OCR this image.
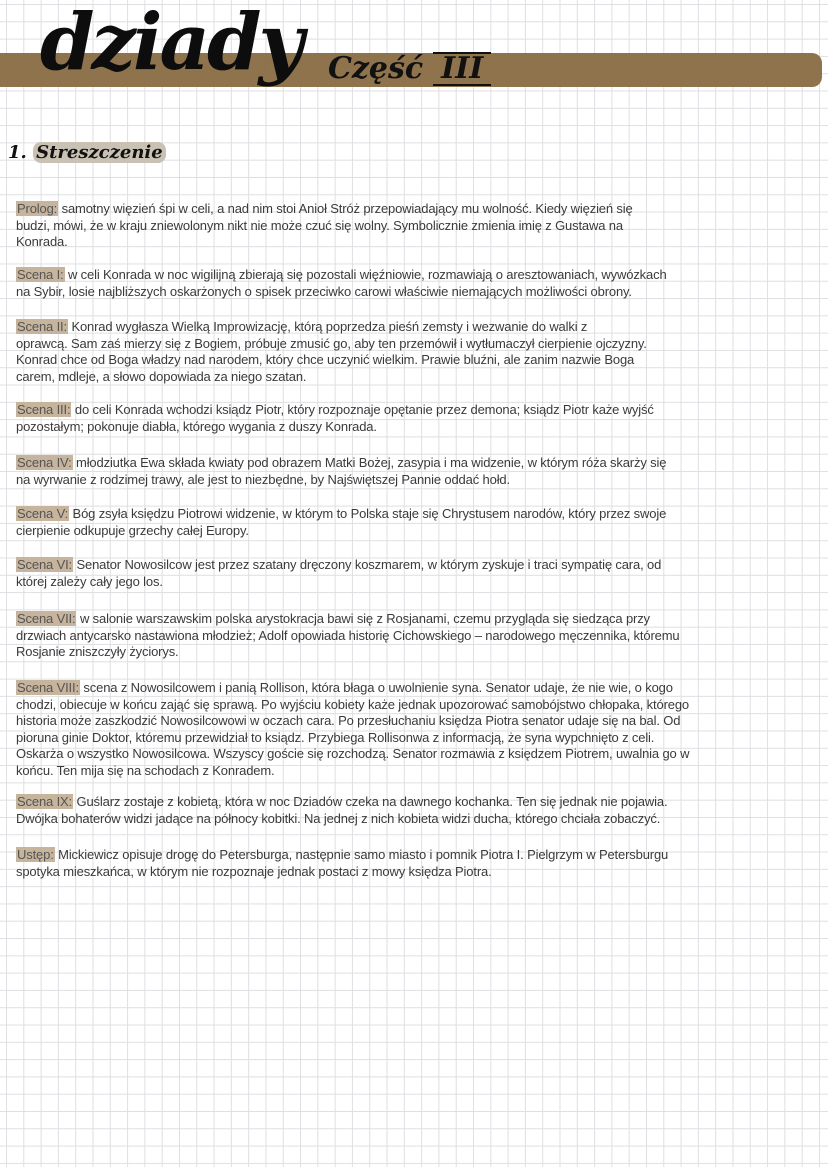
dziady Część III
1. Streszczenie
Prolog: samotny więzień śpi w celi, a nad nim stoi Anioł Stróż przepowiadający mu wolność. Kiedy więzień się
budzi, mówi, że w kraju zniewolonym nikt nie może czuć się wolny. Symbolicznie zmienia imię z Gustawa na
Konrada.
Scena I: w celi Konrada w noc wigilijną zbierają się pozostali więźniowie, rozmawiają o aresztowaniach, wywózkach
na Sybir, losie najbliższych oskarżonych o spisek przeciwko carowi właściwie niemających możliwości obrony.
Scena II: Konrad wygłasza Wielką Improwizację, którą poprzedza pieśń zemsty i wezwanie do walki z
oprawcą. Sam zaś mierzy się z Bogiem, próbuje zmusić go, aby ten przemówił i wytłumaczył cierpienie ojczyzny.
Konrad chce od Boga władzy nad narodem, który chce uczynić wielkim. Prawie bluźni, ale zanim nazwie Boga
carem, mdleje, a słowo dopowiada za niego szatan.
Scena III: do celi Konrada wchodzi ksiądz Piotr, który rozpoznaje opętanie przez demona; ksiądz Piotr każe wyjść
pozostałym; pokonuje diabła, którego wygania z duszy Konrada.
Scena IV: młodziutka Ewa składa kwiaty pod obrazem Matki Bożej, zasypia i ma widzenie, w którym róża skarży się
na wyrwanie z rodzimej trawy, ale jest to niezbędne, by Najświętszej Pannie oddać hołd.
Scena V: Bóg zsyła księdzu Piotrowi widzenie, w którym to Polska staje się Chrystusem narodów, który przez swoje
cierpienie odkupuje grzechy całej Europy.
Scena VI: Senator Nowosilcow jest przez szatany dręczony koszmarem, w którym zyskuje i traci sympatię cara, od
której zależy cały jego los.
Scena VII: w salonie warszawskim polska arystokracja bawi się z Rosjanami, czemu przygląda się siedząca przy
drzwiach antycarsko nastawiona młodzież; Adolf opowiada historię Cichowskiego – narodowego męczennika, któremu
Rosjanie zniszczyły życiorys.
Scena VIII: scena z Nowosilcowem i panią Rollison, która błaga o uwolnienie syna. Senator udaje, że nie wie, o kogo
chodzi, obiecuje w końcu zająć się sprawą. Po wyjściu kobiety każe jednak upozorować samobójstwo chłopaka, którego
historia może zaszkodzić Nowosilcowowi w oczach cara. Po przesłuchaniu księdza Piotra senator udaje się na bal. Od
pioruna ginie Doktor, któremu przewidział to ksiądz. Przybiega Rollisonwa z informacją, że syna wypchnięto z celi.
Oskarża o wszystko Nowosilcowa. Wszyscy goście się rozchodzą. Senator rozmawia z księdzem Piotrem, uwalnia go w
końcu. Ten mija się na schodach z Konradem.
Scena IX: Guślarz zostaje z kobietą, która w noc Dziadów czeka na dawnego kochanka. Ten się jednak nie pojawia.
Dwójka bohaterów widzi jadące na północy kobitki. Na jednej z nich kobieta widzi ducha, którego chciała zobaczyć.
Ustęp: Mickiewicz opisuje drogę do Petersburga, następnie samo miasto i pomnik Piotra I. Pielgrzym w Petersburgu
spotyka mieszkańca, w którym nie rozpoznaje jednak postaci z mowy księdza Piotra.
